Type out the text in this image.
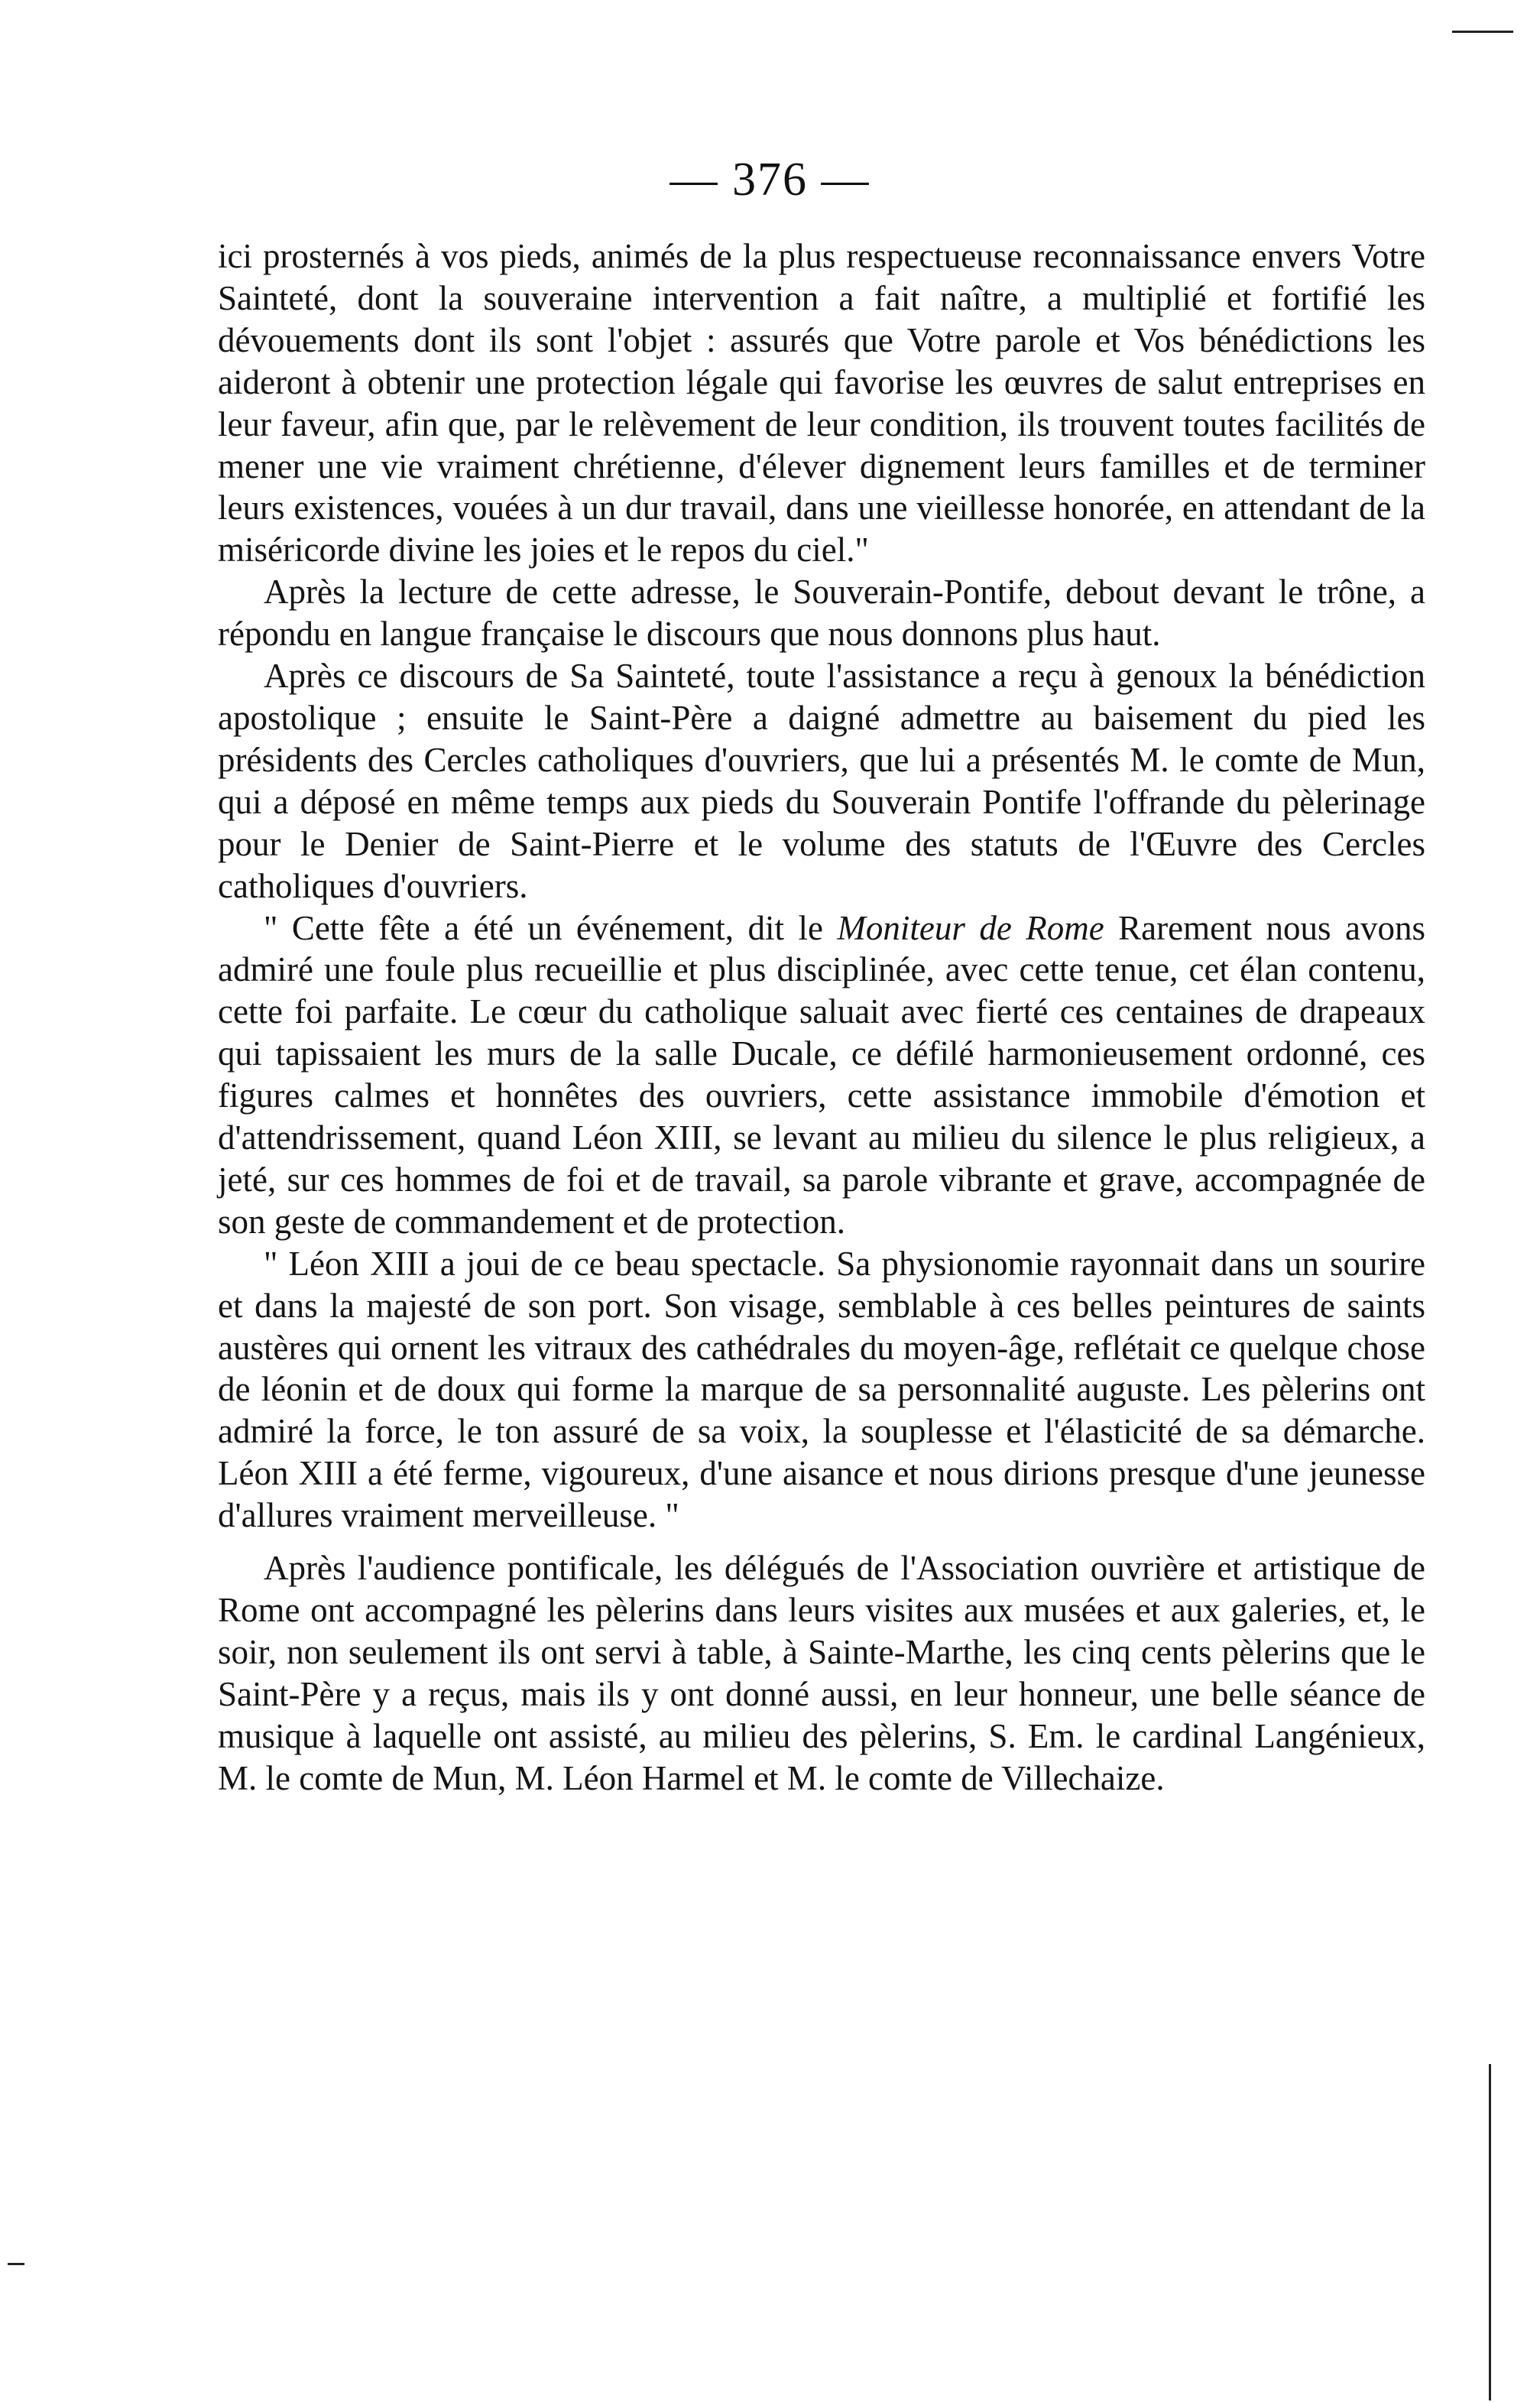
— 376 —

ici prosternés à vos pieds, animés de la plus respectueuse reconnaissance envers Votre Sainteté, dont la souveraine intervention a fait naître, a multiplié et fortifié les dévouements dont ils sont l'objet : assurés que Votre parole et Vos bénédictions les aideront à obtenir une protection légale qui favorise les œuvres de salut entreprises en leur faveur, afin que, par le relèvement de leur condition, ils trouvent toutes facilités de mener une vie vraiment chrétienne, d'élever dignement leurs familles et de terminer leurs existences, vouées à un dur travail, dans une vieillesse honorée, en attendant de la miséricorde divine les joies et le repos du ciel."

Après la lecture de cette adresse, le Souverain-Pontife, debout devant le trône, a répondu en langue française le discours que nous donnons plus haut.

Après ce discours de Sa Sainteté, toute l'assistance a reçu à genoux la bénédiction apostolique ; ensuite le Saint-Père a daigné admettre au baisement du pied les présidents des Cercles catholiques d'ouvriers, que lui a présentés M. le comte de Mun, qui a déposé en même temps aux pieds du Souverain Pontife l'offrande du pèlerinage pour le Denier de Saint-Pierre et le volume des statuts de l'Œuvre des Cercles catholiques d'ouvriers.

" Cette fête a été un événement, dit le Moniteur de Rome Rarement nous avons admiré une foule plus recueillie et plus disciplinée, avec cette tenue, cet élan contenu, cette foi parfaite. Le cœur du catholique saluait avec fierté ces centaines de drapeaux qui tapissaient les murs de la salle Ducale, ce défilé harmonieusement ordonné, ces figures calmes et honnêtes des ouvriers, cette assistance immobile d'émotion et d'attendrissement, quand Léon XIII, se levant au milieu du silence le plus religieux, a jeté, sur ces hommes de foi et de travail, sa parole vibrante et grave, accompagnée de son geste de commandement et de protection.

" Léon XIII a joui de ce beau spectacle. Sa physionomie rayonnait dans un sourire et dans la majesté de son port. Son visage, semblable à ces belles peintures de saints austères qui ornent les vitraux des cathédrales du moyen-âge, reflétait ce quelque chose de léonin et de doux qui forme la marque de sa personnalité auguste. Les pèlerins ont admiré la force, le ton assuré de sa voix, la souplesse et l'élasticité de sa démarche. Léon XIII a été ferme, vigoureux, d'une aisance et nous dirions presque d'une jeunesse d'allures vraiment merveilleuse. "

Après l'audience pontificale, les délégués de l'Association ouvrière et artistique de Rome ont accompagné les pèlerins dans leurs visites aux musées et aux galeries, et, le soir, non seulement ils ont servi à table, à Sainte-Marthe, les cinq cents pèlerins que le Saint-Père y a reçus, mais ils y ont donné aussi, en leur honneur, une belle séance de musique à laquelle ont assisté, au milieu des pèlerins, S. Em. le cardinal Langénieux, M. le comte de Mun, M. Léon Harmel et M. le comte de Villechaize.
